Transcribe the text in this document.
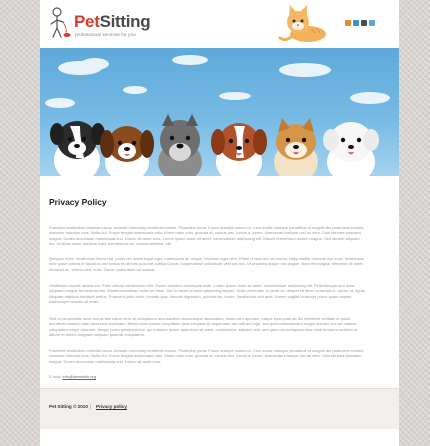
PetSitting
professional services for you
Privacy Policy

Praesent vestibulum molestie lacus. Aenean nonummy hendrerit mauris. Phasellus porta. Fusce suscipit varius mi. Cum sociis natoque penatibus et magnis dis parturient montes, nascetur ridiculus mus. Nulla dui. Fusce feugiat malesuada odio. Morbi nunc odio, gravida at, cursus nec, luctus a, lorem. Maecenas tristique orci ac sem. Duis ultricies pharetra magna. Donec accumsan malesuada orci. Donec sit amet eros. Lorem ipsum dolor sit amet, consectetuer adipiscing elit. Mauris fermentum dictum magna. Sed laoreet aliquam leo. Ut tellus dolor, dapibus eget, elementum vel, cursus eleifend, elit.

Quisque nulla. Vestibulum libero nisl, porta vel, scelerisque eget, malesuada at, neque. Vivamus eget nibh. Etiam cursus leo vel metus. Nulla facilisi. Aenean nec eros. Vestibulum ante ipsum primis in faucibus orci luctus et ultrices posuere cubilia Curae; Suspendisse sollicitudin velit sed leo. Ut pharetra augue nec augue. Nam elit magna, hendrerit sit amet, tincidunt ac, viverra sed, nulla. Donec porta diam eu massa.

Vestibulum iaculis lacinia est. Proin dictum elementum velit. Fusce euismod consequat ante. Lorem ipsum dolor sit amet, consectetuer adipiscing elit. Pellentesque sed dolor. Aliquam congue fermentum nisl. Mauris accumsan nulla vel diam. Sed in lacus ut enim adipiscing aliquet. Nulla venenatis. In pede mi, aliquet sit amet, euismod in, auctor ut, ligula. Aliquam dapibus tincidunt metus. Praesent justo dolor, lobortis quis, lobortis dignissim, pulvinar ac, lorem. Vestibulum sed ante. Donec sagittis euismod purus quam sapien ullamcorper mauris sit amet.

Sed ut perspiciatis unde omnis iste natus error sit voluptatem accusantium doloremque laudantium, totam rem aperiam, eaque ipsa quae ab illo inventore veritatis et quasi architecto beatae vitae dicta sunt explicabo. Nemo enim ipsam voluptatem quia voluptas sit aspernatur aut odit aut fugit, sed quia consequuntur magni dolores eos qui ratione voluptatem sequi nesciunt. Neque porro quisquam est, qui dolorem ipsum quia dolor sit amet, consectetur, adipisci velit, sed quia non numquam eius modi tempora incidunt ut labore et dolore magnam aliquam quaerat voluptatem.

Praesent vestibulum molestie lacus. Aenean nonummy hendrerit mauris. Phasellus porta. Fusce suscipit varius mi. Cum sociis natoque penatibus et magnis dis parturient montes, nascetur ridiculus mus. Nulla dui. Fusce feugiat malesuada odio. Morbi nunc odio, gravida at, cursus nec, luctus a, lorem. Maecenas tristique orci ac sem. Duis ultricies pharetra magna. Donec accumsan malesuada orci. Donec sit amet eros.

E-mail: info@demolink.org
Pet Sitting © 2010 | Privacy policy
